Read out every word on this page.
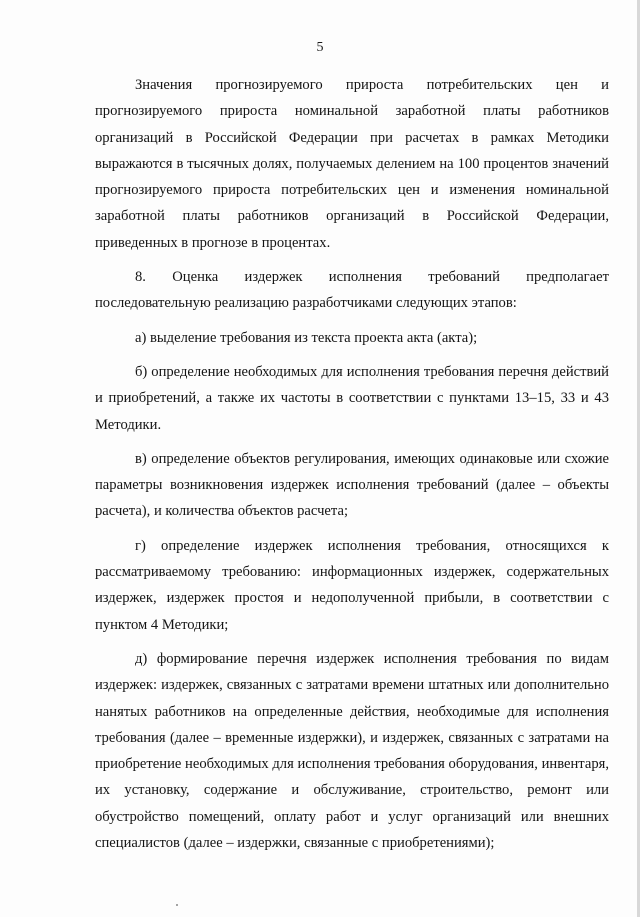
5

Значения прогнозируемого прироста потребительских цен и прогнозируемого прироста номинальной заработной платы работников организаций в Российской Федерации при расчетах в рамках Методики выражаются в тысячных долях, получаемых делением на 100 процентов значений прогнозируемого прироста потребительских цен и изменения номинальной заработной платы работников организаций в Российской Федерации, приведенных в прогнозе в процентах.

8. Оценка издержек исполнения требований предполагает последовательную реализацию разработчиками следующих этапов:

а) выделение требования из текста проекта акта (акта);

б) определение необходимых для исполнения требования перечня действий и приобретений, а также их частоты в соответствии с пунктами 13–15, 33 и 43 Методики.

в) определение объектов регулирования, имеющих одинаковые или схожие параметры возникновения издержек исполнения требований (далее – объекты расчета), и количества объектов расчета;

г) определение издержек исполнения требования, относящихся к рассматриваемому требованию: информационных издержек, содержательных издержек, издержек простоя и недополученной прибыли, в соответствии с пунктом 4 Методики;

д) формирование перечня издержек исполнения требования по видам издержек: издержек, связанных с затратами времени штатных или дополнительно нанятых работников на определенные действия, необходимые для исполнения требования (далее – временные издержки), и издержек, связанных с затратами на приобретение необходимых для исполнения требования оборудования, инвентаря, их установку, содержание и обслуживание, строительство, ремонт или обустройство помещений, оплату работ и услуг организаций или внешних специалистов (далее – издержки, связанные с приобретениями);
